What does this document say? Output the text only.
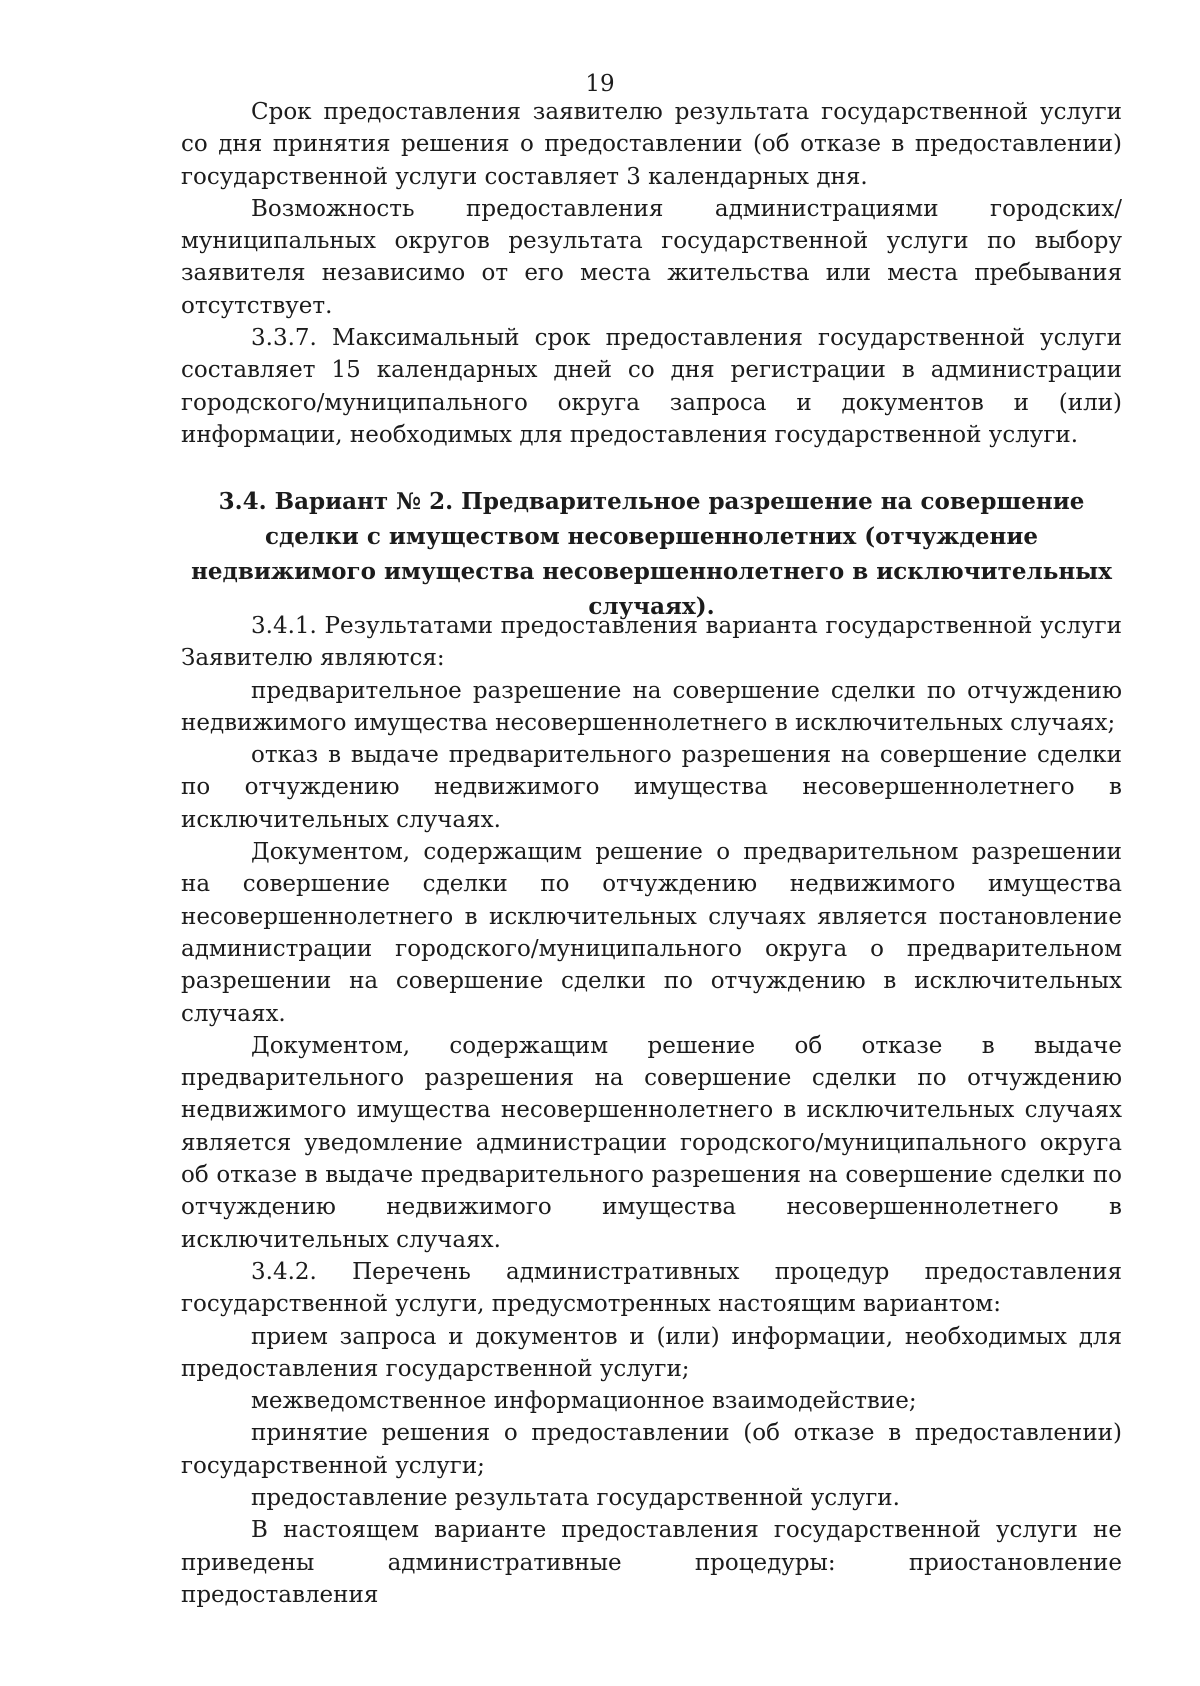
19

Срок предоставления заявителю результата государственной услуги со дня принятия решения о предоставлении (об отказе в предоставлении) государственной услуги составляет 3 календарных дня.

Возможность предоставления администрациями городских/муниципальных округов результата государственной услуги по выбору заявителя независимо от его места жительства или места пребывания отсутствует.

3.3.7. Максимальный срок предоставления государственной услуги составляет 15 календарных дней со дня регистрации в администрации городского/муниципального округа запроса и документов и (или) информации, необходимых для предоставления государственной услуги.

3.4. Вариант № 2. Предварительное разрешение на совершение сделки с имуществом несовершеннолетних (отчуждение недвижимого имущества несовершеннолетнего в исключительных случаях).

3.4.1. Результатами предоставления варианта государственной услуги Заявителю являются:

предварительное разрешение на совершение сделки по отчуждению недвижимого имущества несовершеннолетнего в исключительных случаях;

отказ в выдаче предварительного разрешения на совершение сделки по отчуждению недвижимого имущества несовершеннолетнего в исключительных случаях.

Документом, содержащим решение о предварительном разрешении на совершение сделки по отчуждению недвижимого имущества несовершеннолетнего в исключительных случаях является постановление администрации городского/муниципального округа о предварительном разрешении на совершение сделки по отчуждению в исключительных случаях.

Документом, содержащим решение об отказе в выдаче предварительного разрешения на совершение сделки по отчуждению недвижимого имущества несовершеннолетнего в исключительных случаях является уведомление администрации городского/муниципального округа об отказе в выдаче предварительного разрешения на совершение сделки по отчуждению недвижимого имущества несовершеннолетнего в исключительных случаях.

3.4.2. Перечень административных процедур предоставления государственной услуги, предусмотренных настоящим вариантом:

прием запроса и документов и (или) информации, необходимых для предоставления государственной услуги;

межведомственное информационное взаимодействие;

принятие решения о предоставлении (об отказе в предоставлении) государственной услуги;

предоставление результата государственной услуги.

В настоящем варианте предоставления государственной услуги не приведены административные процедуры: приостановление предоставления
